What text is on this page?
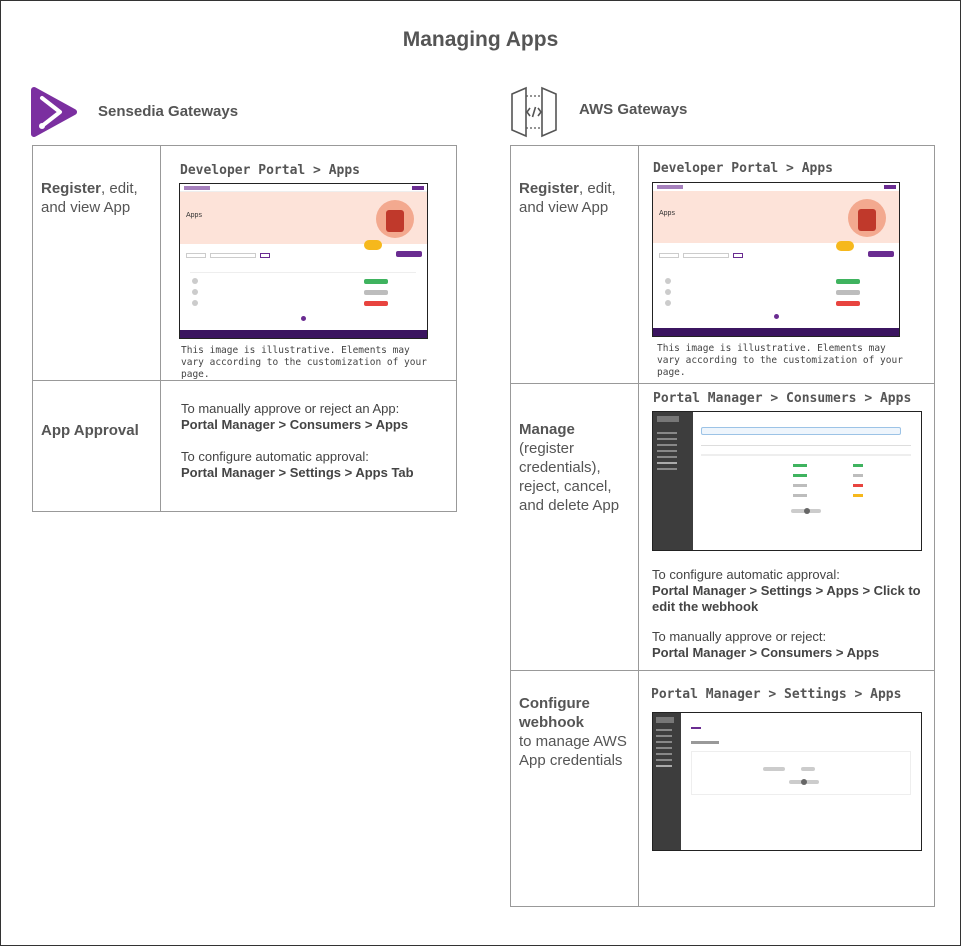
Managing Apps
Sensedia Gateways	AWS Gateways
Register, edit, and view App
Developer Portal > Apps
Apps
This image is illustrative. Elements may vary according to the customization of your page.
App Approval
To manually approve or reject an App:
Portal Manager > Consumers > Apps
To configure automatic approval:
Portal Manager > Settings > Apps Tab
Register, edit, and view App
Developer Portal > Apps
Apps
This image is illustrative. Elements may vary according to the customization of your page.
Manage
(register credentials), reject, cancel, and delete App
Portal Manager > Consumers > Apps
To configure automatic approval:
Portal Manager > Settings > Apps > Click to edit the webhook
To manually approve or reject:
Portal Manager > Consumers > Apps
Configure webhook
to manage AWS App credentials
Portal Manager > Settings > Apps
